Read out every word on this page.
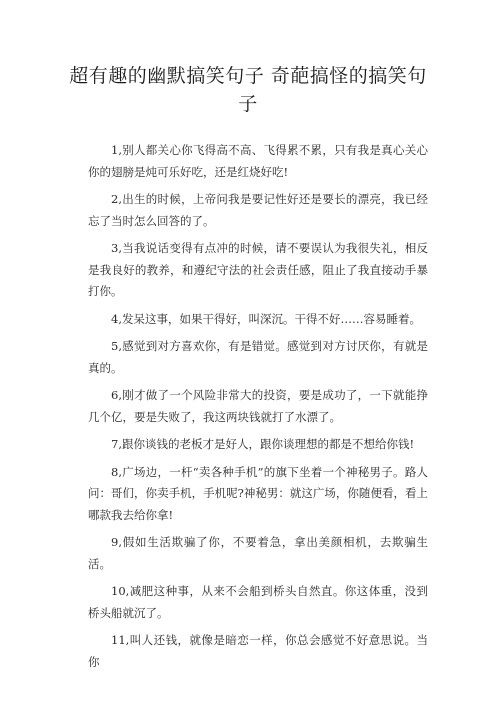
超有趣的幽默搞笑句子 奇葩搞怪的搞笑句子

1,别人都关心你飞得高不高、飞得累不累，只有我是真心关心你的翅膀是炖可乐好吃，还是红烧好吃!

2,出生的时候，上帝问我是要记性好还是要长的漂亮，我已经忘了当时怎么回答的了。

3,当我说话变得有点冲的时候，请不要误认为我很失礼，相反是我良好的教养，和遵纪守法的社会责任感，阻止了我直接动手暴打你。

4,发呆这事，如果干得好，叫深沉。干得不好……容易睡着。

5,感觉到对方喜欢你，有是错觉。感觉到对方讨厌你，有就是真的。

6,刚才做了一个风险非常大的投资，要是成功了，一下就能挣几个亿，要是失败了，我这两块钱就打了水漂了。

7,跟你谈钱的老板才是好人，跟你谈理想的都是不想给你钱!

8,广场边，一杆“卖各种手机”的旗下坐着一个神秘男子。路人问：哥们，你卖手机，手机呢?神秘男：就这广场，你随便看，看上哪款我去给你拿!

9,假如生活欺骗了你，不要着急，拿出美颜相机，去欺骗生活。

10,减肥这种事，从来不会船到桥头自然直。你这体重，没到桥头船就沉了。

11,叫人还钱，就像是暗恋一样，你总会感觉不好意思说。当你
